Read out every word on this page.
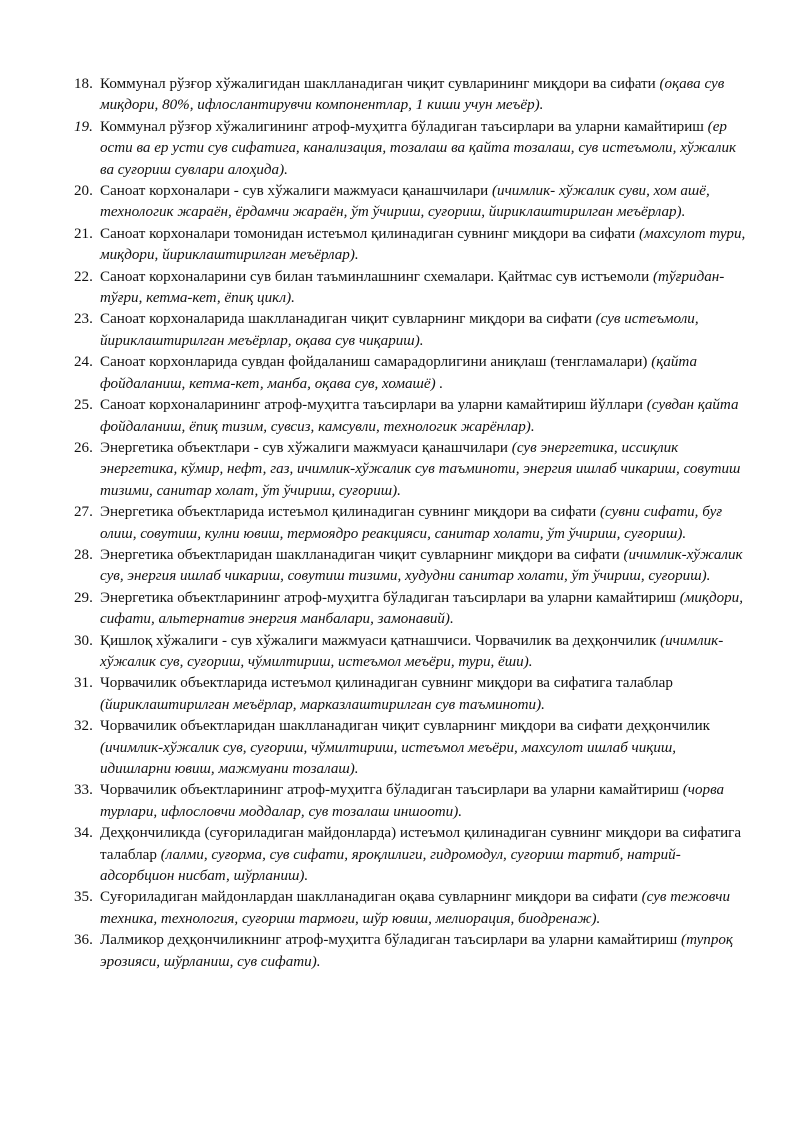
18. Коммунал рўзғор хўжалигидан шаклланадиган чиқит сувларининг миқдори ва сифати (оқава сув миқдори, 80%, ифлослантирувчи компонентлар, 1 киши учун меъёр).
19. Коммунал рўзғор хўжалигининг атроф-муҳитга бўладиган таъсирлари ва уларни камайтириш (ер ости ва ер усти сув сифатига, канализация, тозалаш ва қайта тозалаш, сув истеъмоли, хўжалик ва суғориш сувлари алоҳида).
20. Саноат корхоналари - сув хўжалиги мажмуаси қанашчилари (ичимлик- хўжалик суви, хом ашё, технологик жараён, ёрдамчи жараён, ўт ўчириш, суғориш, йириклаштирилган меъёрлар).
21. Саноат корхоналари томонидан истеъмол қилинадиган сувнинг миқдори ва сифати (махсулот тури, миқдори, йириклаштирилган меъёрлар).
22. Саноат корхоналарини сув билан таъминлашнинг схемалари. Қайтмас сув истъемоли (тўғридан-тўғри, кетма-кет, ёпиқ цикл).
23. Саноат корхоналарида шаклланадиган чиқит сувларнинг миқдори ва сифати (сув истеъмоли, йириклаштирилган меъёрлар, оқава сув чиқариш).
24. Саноат корхонларида сувдан фойдаланиш самарадорлигини аниқлаш (тенгламалари) (қайта фойдаланиш, кетма-кет, манба, оқава сув, хомашё) .
25. Саноат корхоналарининг атроф-муҳитга таъсирлари ва уларни камайтириш йўллари (сувдан қайта фойдаланиш, ёпиқ тизим, сувсиз, камсувли, технологик жарёнлар).
26. Энергетика объектлари - сув хўжалиги мажмуаси қанашчилари (сув энергетика, иссиқлик энергетика, кўмир, нефт, газ, ичимлик-хўжалик сув таъминоти, энергия ишлаб чикариш, совутиш тизими, санитар холат, ўт ўчириш, суғориш).
27. Энергетика объектларида истеъмол қилинадиган сувнинг миқдори ва сифати (сувни сифати, буғ олиш, совутиш, кулни ювиш, термоядро реакцияси, санитар холати, ўт ўчириш, суғориш).
28. Энергетика объектларидан шаклланадиган чиқит сувларнинг миқдори ва сифати (ичимлик-хўжалик сув, энергия ишлаб чикариш, совутиш тизими, худудни санитар холати, ўт ўчириш, суғориш).
29. Энергетика объектларининг атроф-муҳитга бўладиган таъсирлари ва уларни камайтириш (миқдори, сифати, альтернатив энергия манбалари, замонавий).
30. Қишлоқ хўжалиги - сув хўжалиги мажмуаси қатнашчиси. Чорвачилик ва деҳқончилик (ичимлик-хўжалик сув, суғориш, чўмилтириш, истеъмол меъёри, тури, ёши).
31. Чорвачилик объектларида истеъмол қилинадиган сувнинг миқдори ва сифатига талаблар (йириклаштирилган меъёрлар, марказлаштирилган сув таъминоти).
32. Чорвачилик объектларидан шаклланадиган чиқит сувларнинг миқдори ва сифати деҳқончилик (ичимлик-хўжалик сув, суғориш, чўмилтириш, истеъмол меъёри, махсулот ишлаб чиқиш, идишларни ювиш, мажмуани тозалаш).
33. Чорвачилик объектларининг атроф-муҳитга бўладиган таъсирлари ва уларни камайтириш (чорва турлари, ифлословчи моддалар, сув тозалаш иншооти).
34. Деҳқончиликда (суғориладиган майдонларда) истеъмол қилинадиган сувнинг миқдори ва сифатига талаблар (лалми, суғорма, сув сифати, яроқлилиги, гидромодул, суғориш тартиб, натрий-адсорбцион нисбат, шўрланиш).
35. Суғориладиган майдонлардан шаклланадиган оқава сувларнинг миқдори ва сифати (сув тежовчи техника, технология, суғориш тармоғи, шўр ювиш, мелиорация, биодренаж).
36. Лалмикор деҳқончиликнинг атроф-муҳитга бўладиган таъсирлари ва уларни камайтириш (тупроқ эрозияси, шўрланиш, сув сифати).
